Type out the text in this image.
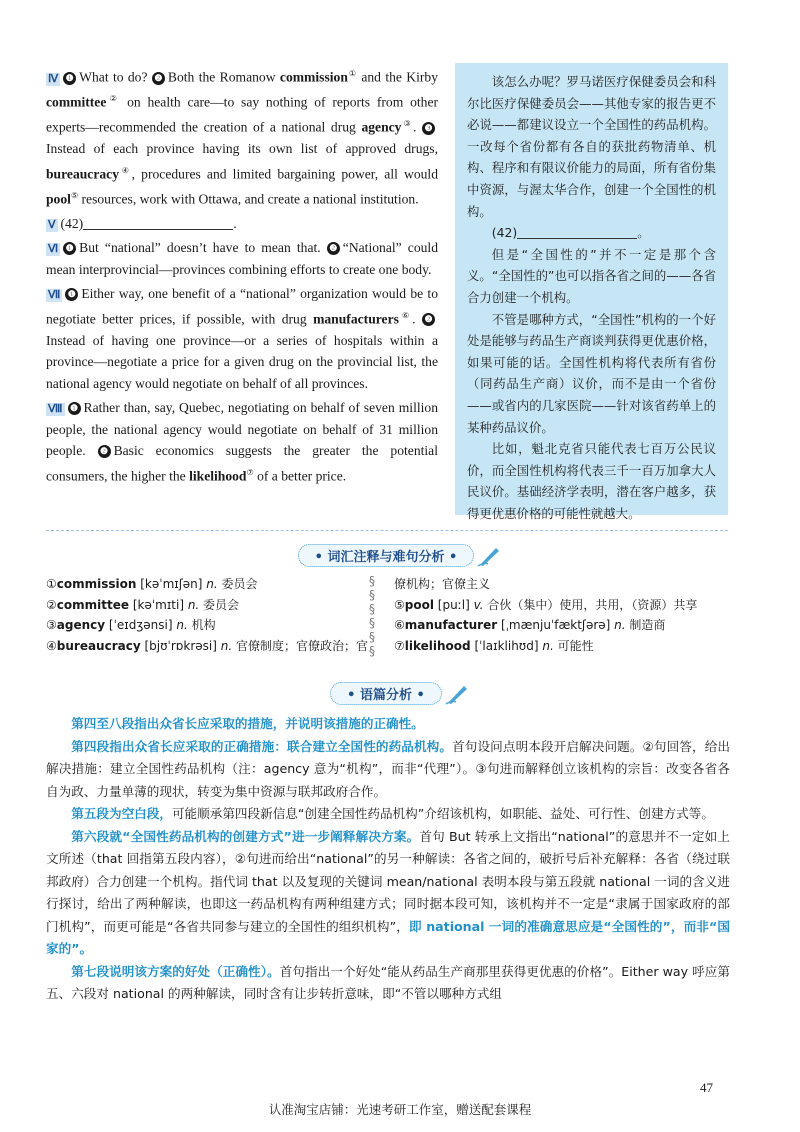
Ⅳ ❶ What to do? ❷ Both the Romanow commission① and the Kirby committee② on health care—to say nothing of reports from other experts—recommended the creation of a national drug agency③. ❸Instead of each province having its own list of approved drugs, bureaucracy④, procedures and limited bargaining power, all would pool⑤ resources, work with Ottawa, and create a national institution.

Ⅴ (42)	.

Ⅵ ❶ But “national” doesn’t have to mean that. ❷ “National” could mean interprovincial—provinces combining efforts to create one body.

Ⅶ ❶ Either way, one benefit of a “national” organization would be to negotiate better prices, if possible, with drug manufacturers⑥. ❷Instead of having one province—or a series of hospitals within a province—negotiate a price for a given drug on the provincial list, the national agency would negotiate on behalf of all provinces.

Ⅷ ❶ Rather than, say, Quebec, negotiating on behalf of seven million people, the national agency would negotiate on behalf of 31 million people. ❷ Basic economics suggests the greater the potential consumers, the higher the likelihood⑦ of a better price.

该怎么办呢？罗马诺医疗保健委员会和科尔比医疗保健委员会——其他专家的报告更不必说——都建议设立一个全国性的药品机构。一改每个省份都有各自的获批药物清单、机构、程序和有限议价能力的局面，所有省份集中资源，与渥太华合作，创建一个全国性的机构。

(42)	。

但是“全国性的”并不一定是那个含义。“全国性的”也可以指各省之间的——各省合力创建一个机构。

不管是哪种方式，“全国性”机构的一个好处是能够与药品生产商谈判获得更优惠价格，如果可能的话。全国性机构将代表所有省份（同药品生产商）议价，而不是由一个省份——或省内的几家医院——针对该省药单上的某种药品议价。

比如，魁北克省只能代表七百万公民议价，而全国性机构将代表三千一百万加拿大人民议价。基础经济学表明，潜在客户越多，获得更优惠价格的可能性就越大。

• 词汇注释与难句分析 •
①commission [kəˈmɪʃən] n. 委员会
②committee [kəˈmɪti] n. 委员会
③agency [ˈeɪdʒənsi] n. 机构
④bureaucracy [bjʊˈrɒkrəsi] n. 官僚制度；官僚政治；官
§
§
§
§
§
§
僚机构；官僚主义
⑤pool [puːl] v. 合伙（集中）使用，共用，（资源）共享
⑥manufacturer [ˌmænjuˈfæktʃərə] n. 制造商
⑦likelihood [ˈlaɪklihʊd] n. 可能性
• 语篇分析 •

第四至八段指出众省长应采取的措施，并说明该措施的正确性。

第四段指出众省长应采取的正确措施：联合建立全国性的药品机构。首句设问点明本段开启解决问题。②句回答，给出解决措施：建立全国性药品机构（注：agency 意为“机构”，而非“代理”）。③句进而解释创立该机构的宗旨：改变各省各自为政、力量单薄的现状，转变为集中资源与联邦政府合作。

第五段为空白段，可能顺承第四段新信息“创建全国性药品机构”介绍该机构，如职能、益处、可行性、创建方式等。

第六段就“全国性药品机构的创建方式”进一步阐释解决方案。首句 But 转承上文指出“national”的意思并不一定如上文所述（that 回指第五段内容），②句进而给出“national”的另一种解读：各省之间的，破折号后补充解释：各省（绕过联邦政府）合力创建一个机构。指代词 that 以及复现的关键词 mean/national 表明本段与第五段就 national 一词的含义进行探讨，给出了两种解读，也即这一药品机构有两种组建方式；同时据本段可知，该机构并不一定是“隶属于国家政府的部门机构”，而更可能是“各省共同参与建立的全国性的组织机构”，即 national 一词的准确意思应是“全国性的”，而非“国家的”。

第七段说明该方案的好处（正确性）。首句指出一个好处“能从药品生产商那里获得更优惠的价格”。Either way 呼应第五、六段对 national 的两种解读，同时含有让步转折意味，即“不管以哪种方式组

47
认准淘宝店铺：光速考研工作室，赠送配套课程
